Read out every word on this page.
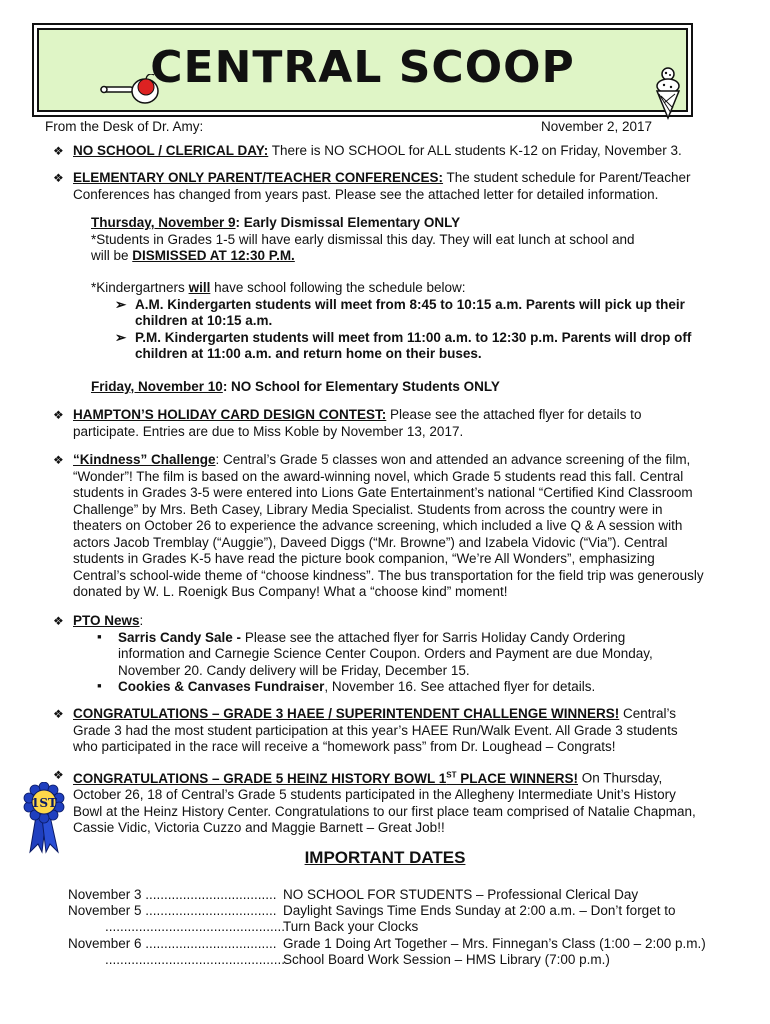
CENTRAL SCOOP
From the Desk of Dr. Amy:	November 2, 2017
❖ NO SCHOOL / CLERICAL DAY: There is NO SCHOOL for ALL students K-12 on Friday, November 3.
❖ ELEMENTARY ONLY PARENT/TEACHER CONFERENCES: The student schedule for Parent/Teacher
Conferences has changed from years past. Please see the attached letter for detailed information.
Thursday, November 9: Early Dismissal Elementary ONLY
*Students in Grades 1-5 will have early dismissal this day. They will eat lunch at school and
will be DISMISSED AT 12:30 P.M.
*Kindergartners will have school following the schedule below:
➢ A.M. Kindergarten students will meet from 8:45 to 10:15 a.m. Parents will pick up their
children at 10:15 a.m.
➢ P.M. Kindergarten students will meet from 11:00 a.m. to 12:30 p.m. Parents will drop off
children at 11:00 a.m. and return home on their buses.
Friday, November 10: NO School for Elementary Students ONLY
❖ HAMPTON’S HOLIDAY CARD DESIGN CONTEST: Please see the attached flyer for details to
participate. Entries are due to Miss Koble by November 13, 2017.
❖ “Kindness” Challenge: Central’s Grade 5 classes won and attended an advance screening of the film,
“Wonder”! The film is based on the award-winning novel, which Grade 5 students read this fall. Central
students in Grades 3-5 were entered into Lions Gate Entertainment’s national “Certified Kind Classroom
Challenge” by Mrs. Beth Casey, Library Media Specialist. Students from across the country were in
theaters on October 26 to experience the advance screening, which included a live Q & A session with
actors Jacob Tremblay (“Auggie”), Daveed Diggs (“Mr. Browne”) and Izabela Vidovic (“Via”). Central
students in Grades K-5 have read the picture book companion, “We’re All Wonders”, emphasizing
Central’s school-wide theme of “choose kindness”. The bus transportation for the field trip was generously
donated by W. L. Roenigk Bus Company! What a “choose kind” moment!
❖ PTO News:
▪ Sarris Candy Sale - Please see the attached flyer for Sarris Holiday Candy Ordering
information and Carnegie Science Center Coupon. Orders and Payment are due Monday,
November 20. Candy delivery will be Friday, December 15.
▪ Cookies & Canvases Fundraiser, November 16. See attached flyer for details.
❖ CONGRATULATIONS – GRADE 3 HAEE / SUPERINTENDENT CHALLENGE WINNERS! Central’s
Grade 3 had the most student participation at this year’s HAEE Run/Walk Event. All Grade 3 students
who participated in the race will receive a “homework pass” from Dr. Loughead – Congrats!
❖ CONGRATULATIONS – GRADE 5 HEINZ HISTORY BOWL 1ST PLACE WINNERS! On Thursday,
October 26, 18 of Central’s Grade 5 students participated in the Allegheny Intermediate Unit’s History
Bowl at the Heinz History Center. Congratulations to our first place team comprised of Natalie Chapman,
Cassie Vidic, Victoria Cuzzo and Maggie Barnett – Great Job!!
1ST
IMPORTANT DATES
November 3 ................................... NO SCHOOL FOR STUDENTS – Professional Clerical Day
November 5 ................................... Daylight Savings Time Ends Sunday at 2:00 a.m. – Don’t forget to
................................................Turn Back your Clocks
November 6 ................................... Grade 1 Doing Art Together – Mrs. Finnegan’s Class (1:00 – 2:00 p.m.)
................................................School Board Work Session – HMS Library (7:00 p.m.)
